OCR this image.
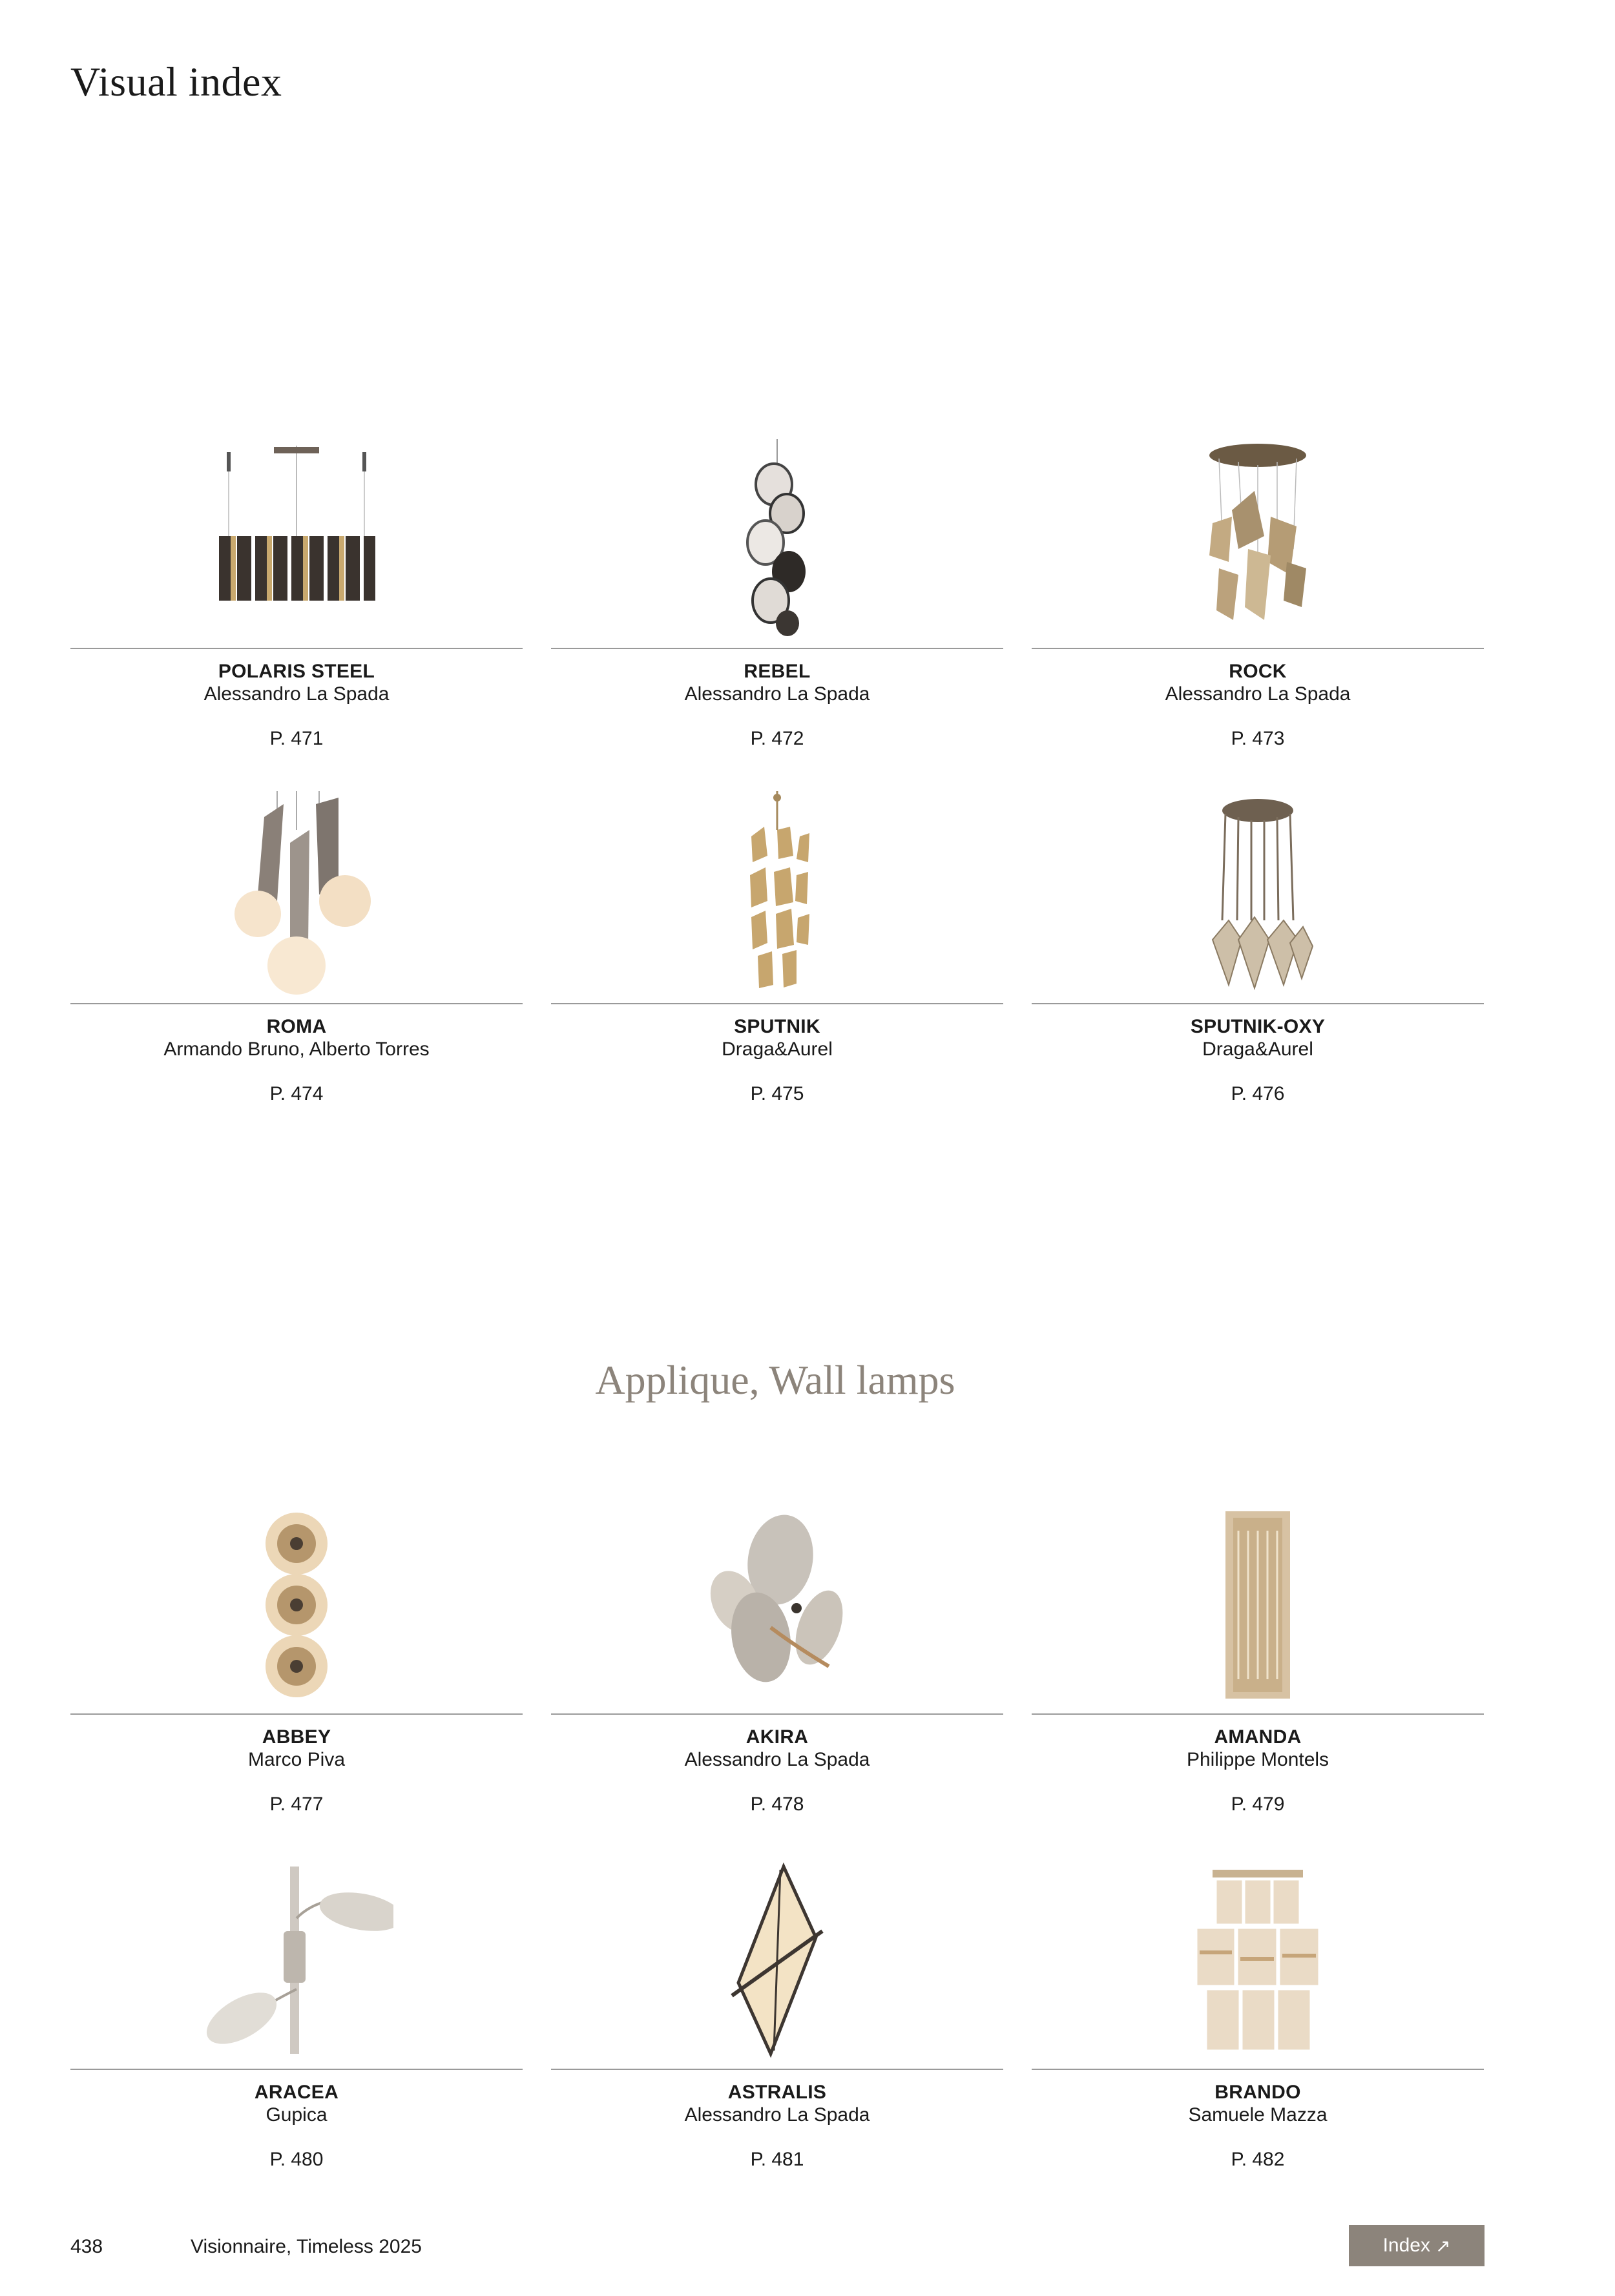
Visual index
POLARIS STEEL
Alessandro La Spada
P. 471
REBEL
Alessandro La Spada
P. 472
ROCK
Alessandro La Spada
P. 473
ROMA
Armando Bruno, Alberto Torres
P. 474
SPUTNIK
Draga&Aurel
P. 475
SPUTNIK-OXY
Draga&Aurel
P. 476
Applique, Wall lamps
ABBEY
Marco Piva
P. 477
AKIRA
Alessandro La Spada
P. 478
AMANDA
Philippe Montels
P. 479
ARACEA
Gupica
P. 480
ASTRALIS
Alessandro La Spada
P. 481
BRANDO
Samuele Mazza
P. 482
438	Visionnaire, Timeless 2025	Index ↗
